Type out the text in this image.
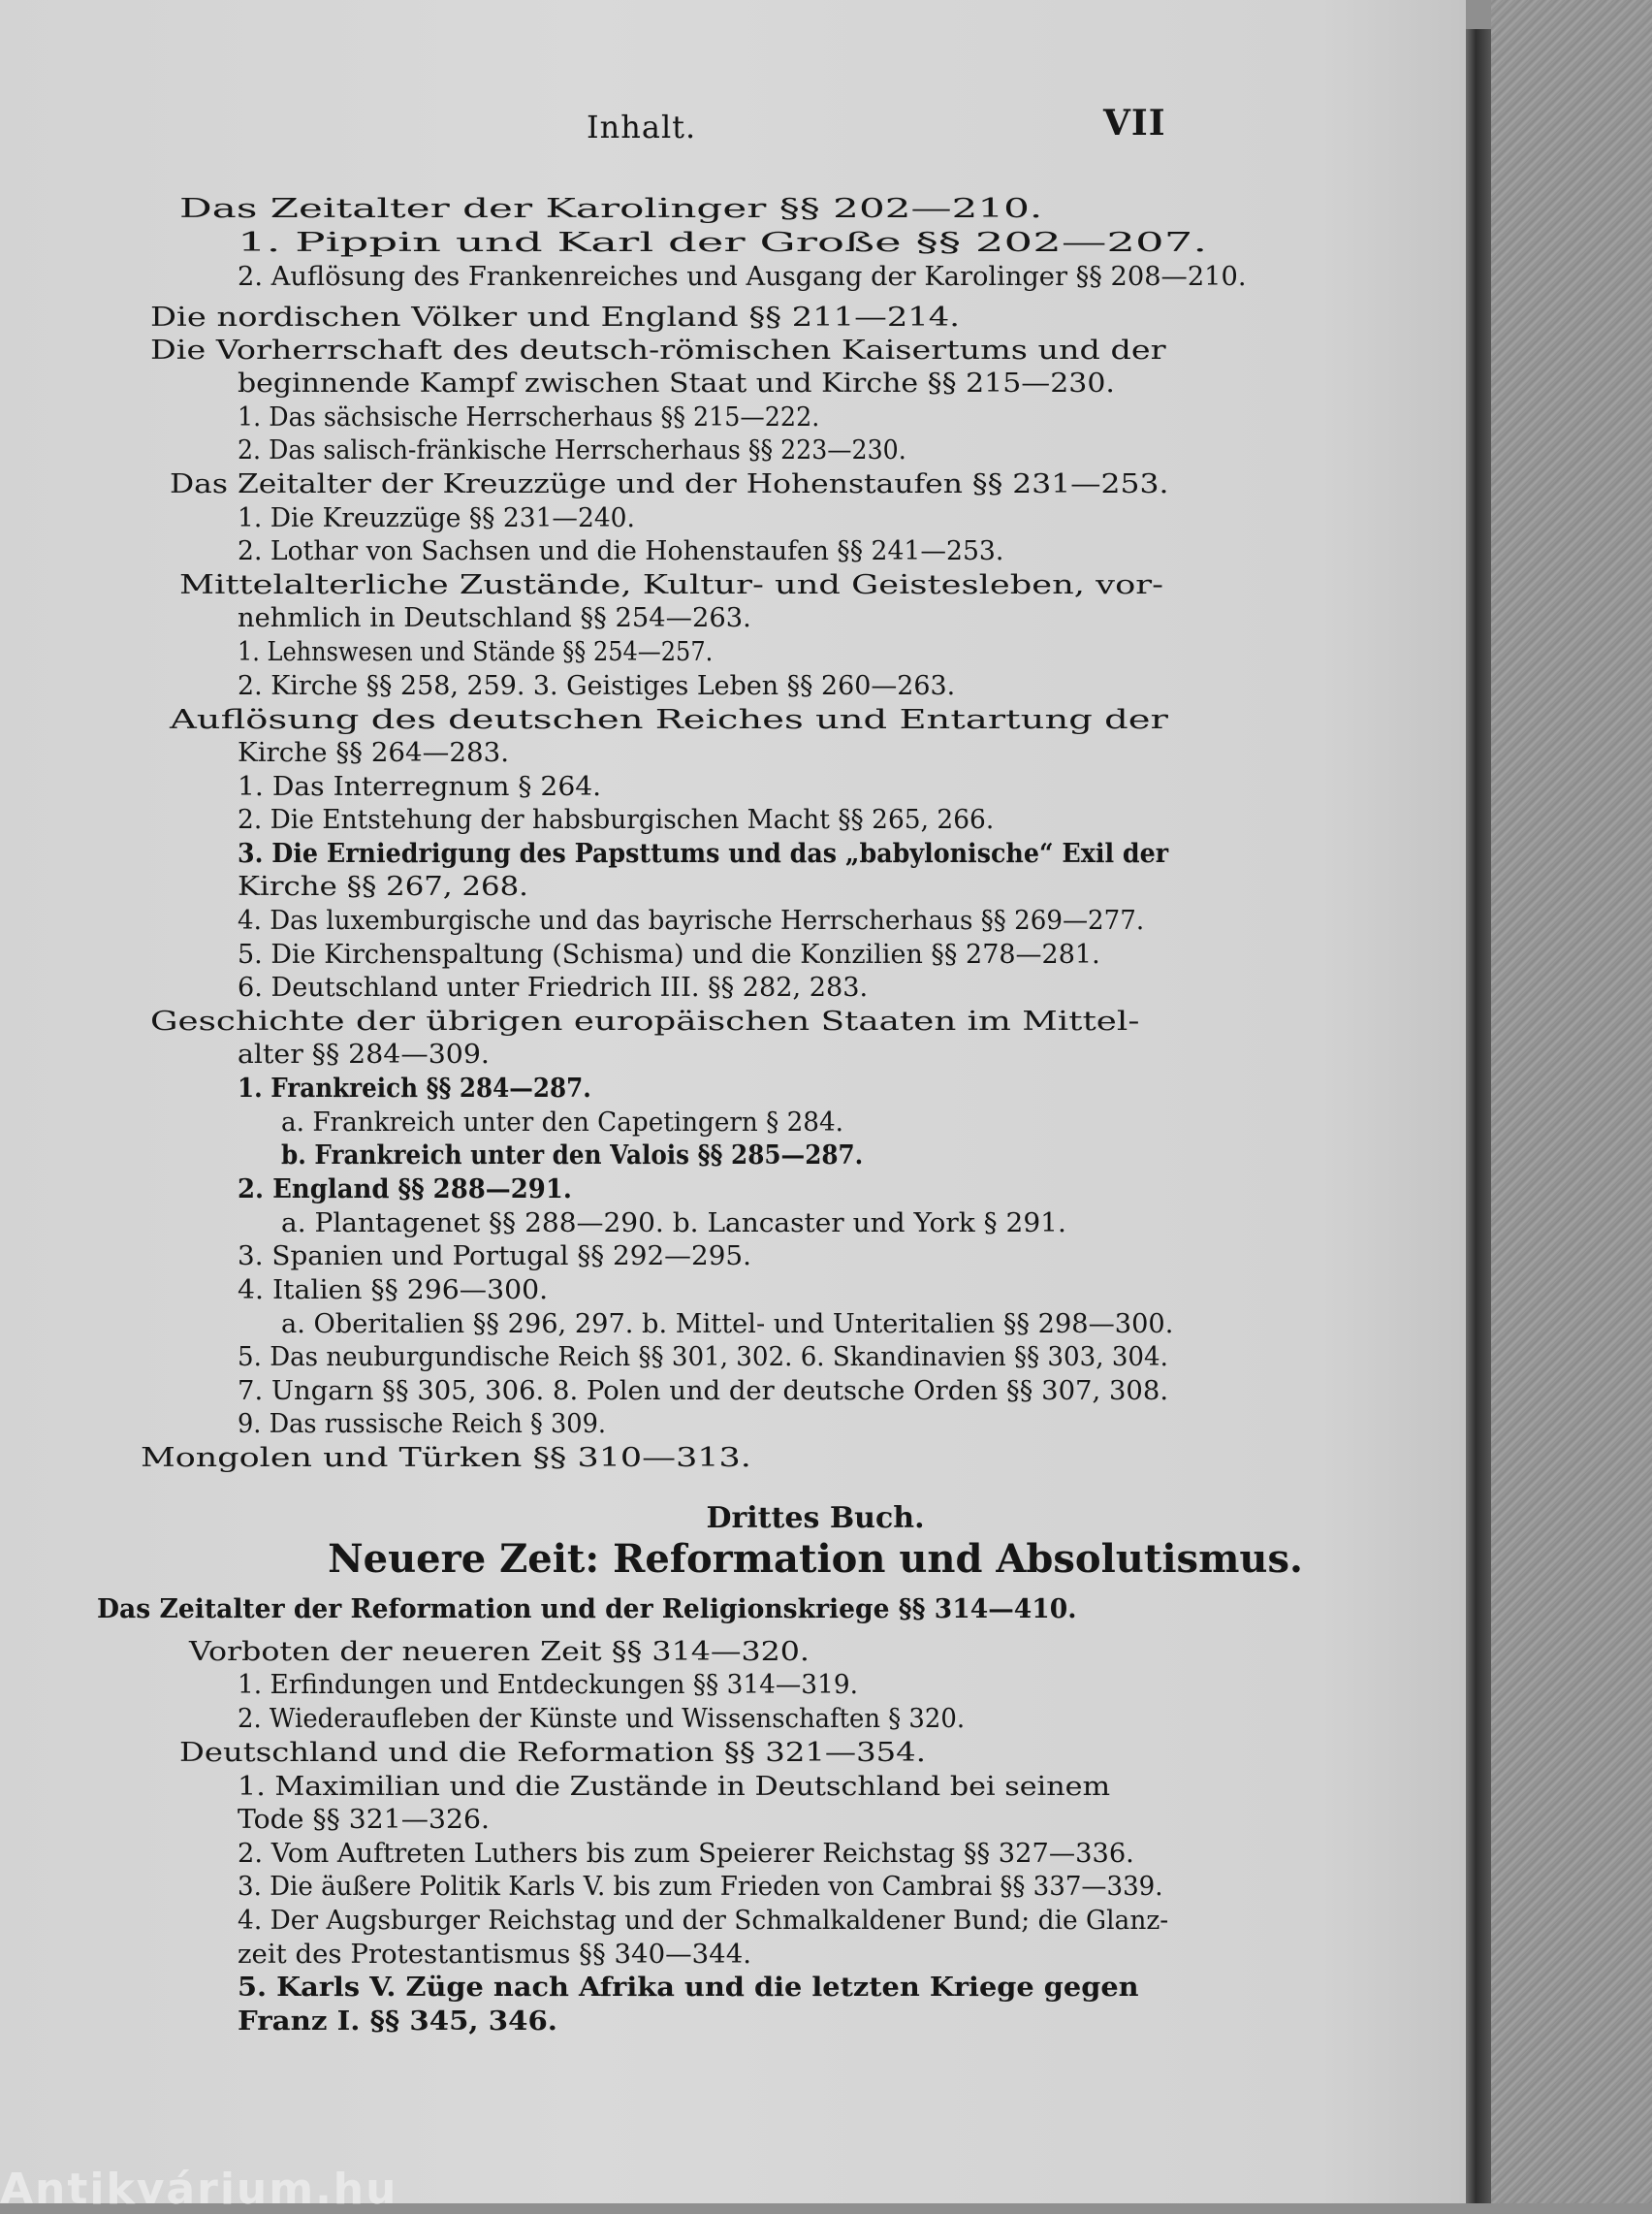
Inhalt.	VII
Das Zeitalter der Karolinger §§ 202—210.
1. Pippin und Karl der Große §§ 202—207.
2. Auflösung des Frankenreiches und Ausgang der Karolinger §§ 208—210.
Die nordischen Völker und England §§ 211—214.
Die Vorherrschaft des deutsch-römischen Kaisertums und der
beginnende Kampf zwischen Staat und Kirche §§ 215—230.
1. Das sächsische Herrscherhaus §§ 215—222.
2. Das salisch-fränkische Herrscherhaus §§ 223—230.
Das Zeitalter der Kreuzzüge und der Hohenstaufen §§ 231—253.
1. Die Kreuzzüge §§ 231—240.
2. Lothar von Sachsen und die Hohenstaufen §§ 241—253.
Mittelalterliche Zustände, Kultur- und Geistesleben, vor-
nehmlich in Deutschland §§ 254—263.
1. Lehnswesen und Stände §§ 254—257.
2. Kirche §§ 258, 259. 3. Geistiges Leben §§ 260—263.
Auflösung des deutschen Reiches und Entartung der
Kirche §§ 264—283.
1. Das Interregnum § 264.
2. Die Entstehung der habsburgischen Macht §§ 265, 266.
3. Die Erniedrigung des Papsttums und das „babylonische“ Exil der
Kirche §§ 267, 268.
4. Das luxemburgische und das bayrische Herrscherhaus §§ 269—277.
5. Die Kirchenspaltung (Schisma) und die Konzilien §§ 278—281.
6. Deutschland unter Friedrich III. §§ 282, 283.
Geschichte der übrigen europäischen Staaten im Mittel-
alter §§ 284—309.
1. Frankreich §§ 284—287.
a. Frankreich unter den Capetingern § 284.
b. Frankreich unter den Valois §§ 285—287.
2. England §§ 288—291.
a. Plantagenet §§ 288—290. b. Lancaster und York § 291.
3. Spanien und Portugal §§ 292—295.
4. Italien §§ 296—300.
a. Oberitalien §§ 296, 297. b. Mittel- und Unteritalien §§ 298—300.
5. Das neuburgundische Reich §§ 301, 302. 6. Skandinavien §§ 303, 304.
7. Ungarn §§ 305, 306. 8. Polen und der deutsche Orden §§ 307, 308.
9. Das russische Reich § 309.
Mongolen und Türken §§ 310—313.
Drittes Buch.
Neuere Zeit: Reformation und Absolutismus.
Das Zeitalter der Reformation und der Religionskriege §§ 314—410.
Vorboten der neueren Zeit §§ 314—320.
1. Erfindungen und Entdeckungen §§ 314—319.
2. Wiederaufleben der Künste und Wissenschaften § 320.
Deutschland und die Reformation §§ 321—354.
1. Maximilian und die Zustände in Deutschland bei seinem
Tode §§ 321—326.
2. Vom Auftreten Luthers bis zum Speierer Reichstag §§ 327—336.
3. Die äußere Politik Karls V. bis zum Frieden von Cambrai §§ 337—339.
4. Der Augsburger Reichstag und der Schmalkaldener Bund; die Glanz-
zeit des Protestantismus §§ 340—344.
5. Karls V. Züge nach Afrika und die letzten Kriege gegen
Franz I. §§ 345, 346.
Antikvárium.hu
